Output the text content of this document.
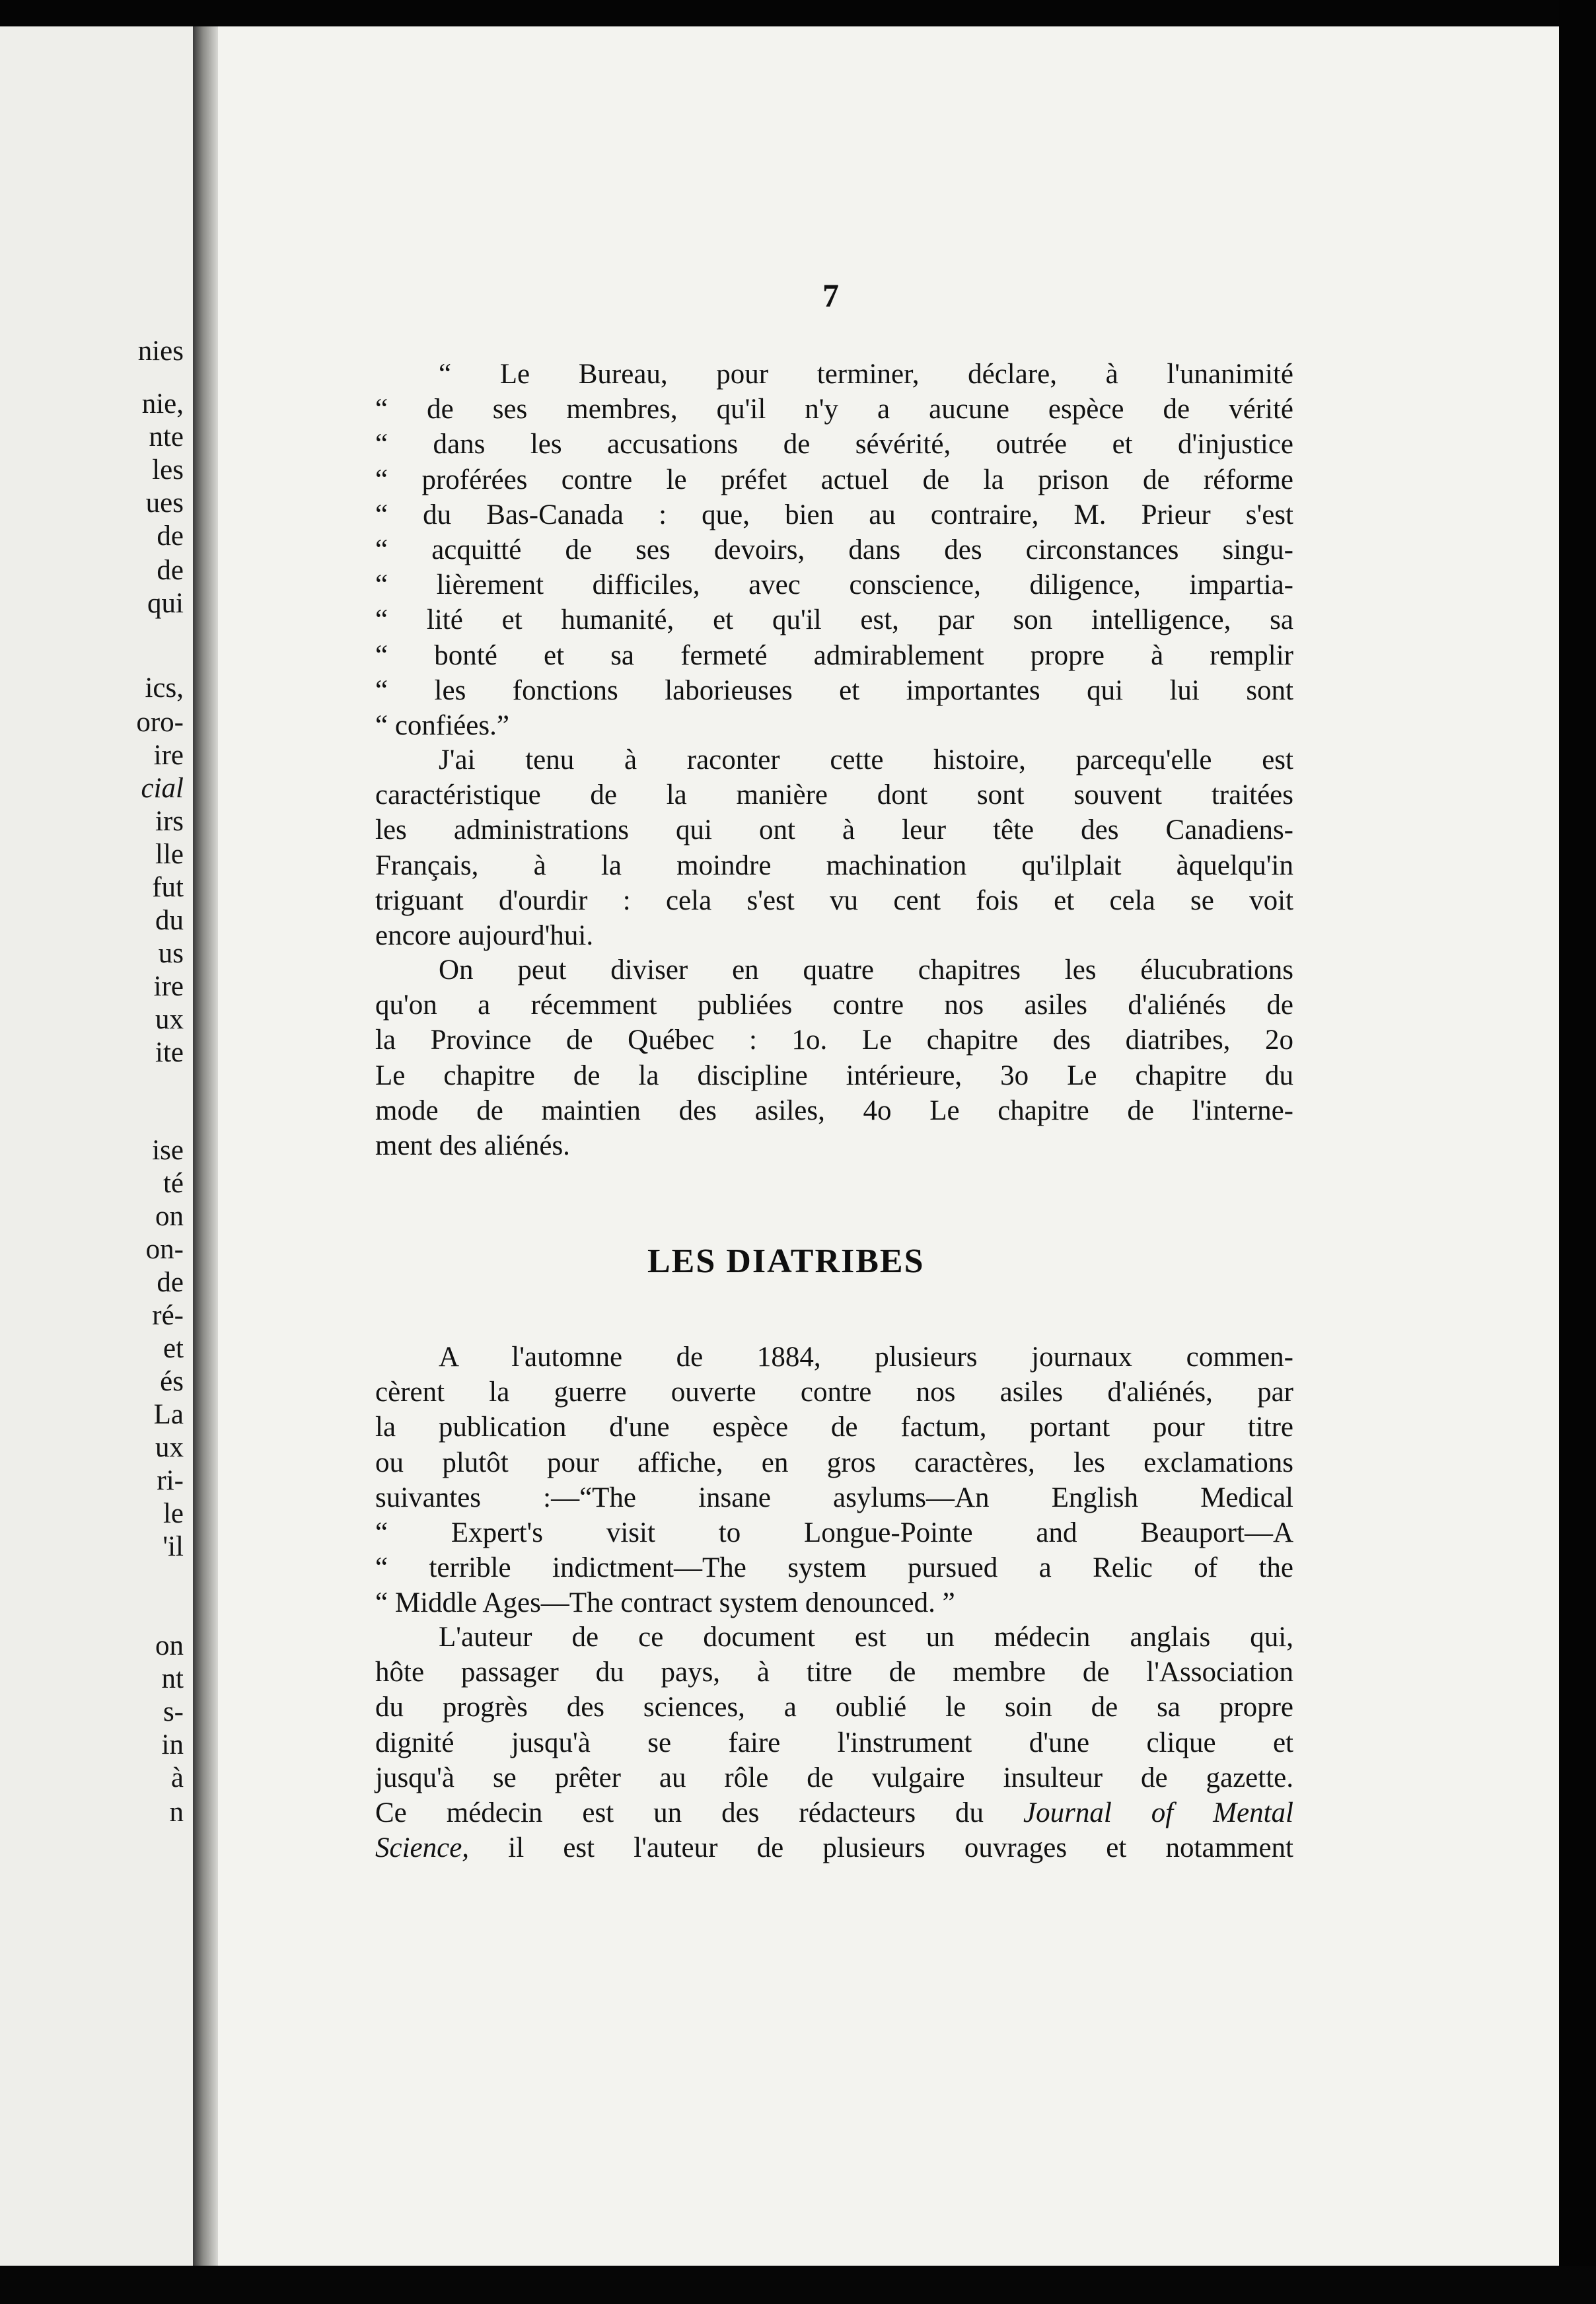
nies
nie,
nte
les
ues
de
de
qui
ics,
oro-
ire
cial
irs
lle
fut
du
us
ire
ux
ite
ise
té
on
on-
de
ré-
et
és
La
ux
ri-
le
'il
on
nt
s-
in
à
n
7
“ Le Bureau, pour terminer, déclare, à l'unanimité
“ de ses membres, qu'il n'y a aucune espèce de vérité
“ dans les accusations de sévérité, outrée et d'injustice
“ proférées contre le préfet actuel de la prison de réforme
“ du Bas-Canada : que, bien au contraire, M. Prieur s'est
“ acquitté de ses devoirs, dans des circonstances singu-
“ lièrement difficiles, avec conscience, diligence, impartia-
“ lité et humanité, et qu'il est, par son intelligence, sa
“ bonté et sa fermeté admirablement propre à remplir
“ les fonctions laborieuses et importantes qui lui sont
“ confiées.”
J'ai tenu à raconter cette histoire, parcequ'elle est
caractéristique de la manière dont sont souvent traitées
les administrations qui ont à leur tête des Canadiens-
Français, à la moindre machination qu'ilplait àquelqu'in
triguant d'ourdir : cela s'est vu cent fois et cela se voit
encore aujourd'hui.
On peut diviser en quatre chapitres les élucubrations
qu'on a récemment publiées contre nos asiles d'aliénés de
la Province de Québec : 1o. Le chapitre des diatribes, 2o
Le chapitre de la discipline intérieure, 3o Le chapitre du
mode de maintien des asiles, 4o Le chapitre de l'interne-
ment des aliénés.
LES DIATRIBES
A l'automne de 1884, plusieurs journaux commen-
cèrent la guerre ouverte contre nos asiles d'aliénés, par
la publication d'une espèce de factum, portant pour titre
ou plutôt pour affiche, en gros caractères, les exclamations
suivantes :—“The insane asylums—An English Medical
“ Expert's visit to Longue-Pointe and Beauport—A
“ terrible indictment—The system pursued a Relic of the
“ Middle Ages—The contract system denounced. ”
L'auteur de ce document est un médecin anglais qui,
hôte passager du pays, à titre de membre de l'Association
du progrès des sciences, a oublié le soin de sa propre
dignité jusqu'à se faire l'instrument d'une clique et
jusqu'à se prêter au rôle de vulgaire insulteur de gazette.
Ce médecin est un des rédacteurs du Journal of Mental
Science, il est l'auteur de plusieurs ouvrages et notamment
